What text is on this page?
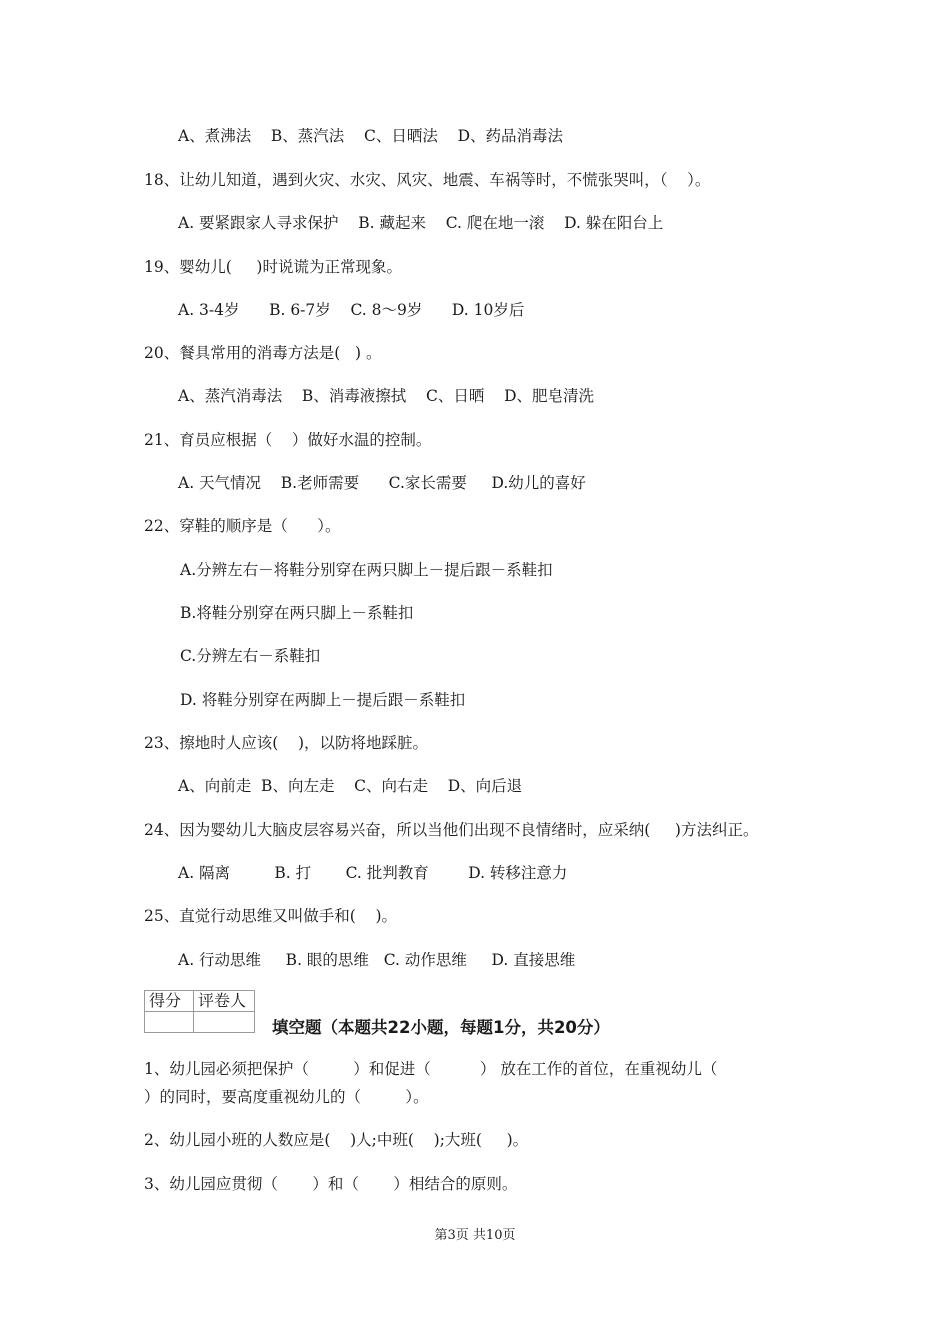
A、煮沸法    B、蒸汽法    C、日晒法    D、药品消毒法
18、让幼儿知道，遇到火灾、水灾、风灾、地震、车祸等时，不慌张哭叫，（    ）。
A. 要紧跟家人寻求保护    B. 藏起来    C. 爬在地一滚    D. 躲在阳台上
19、婴幼儿(     )时说谎为正常现象。
A. 3-4岁      B. 6-7岁    C. 8～9岁      D. 10岁后
20、餐具常用的消毒方法是(   ) 。
A、蒸汽消毒法    B、消毒液擦拭    C、日晒    D、肥皂清洗
21、育员应根据（    ）做好水温的控制。
A. 天气情况    B.老师需要      C.家长需要     D.幼儿的喜好
22、穿鞋的顺序是（      ）。
A.分辨左右－将鞋分别穿在两只脚上－提后跟－系鞋扣
B.将鞋分别穿在两只脚上－系鞋扣
C.分辨左右－系鞋扣
D. 将鞋分别穿在两脚上－提后跟－系鞋扣
23、擦地时人应该(    )，以防将地踩脏。
A、向前走  B、向左走    C、向右走    D、向后退
24、因为婴幼儿大脑皮层容易兴奋，所以当他们出现不良情绪时，应采纳(     )方法纠正。
A. 隔离         B. 打       C. 批判教育        D. 转移注意力
25、直觉行动思维又叫做手和(    )。
A. 行动思维     B. 眼的思维   C. 动作思维     D. 直接思维
得分	评卷人

填空题（本题共22小题，每题1分，共20分）
1、幼儿园必须把保护（         ）和促进（          ） 放在工作的首位，在重视幼儿（
）的同时，要高度重视幼儿的（         ）。
2、幼儿园小班的人数应是(    )人;中班(    );大班(     )。
3、幼儿园应贯彻（       ）和（       ）相结合的原则。
第3页 共10页
